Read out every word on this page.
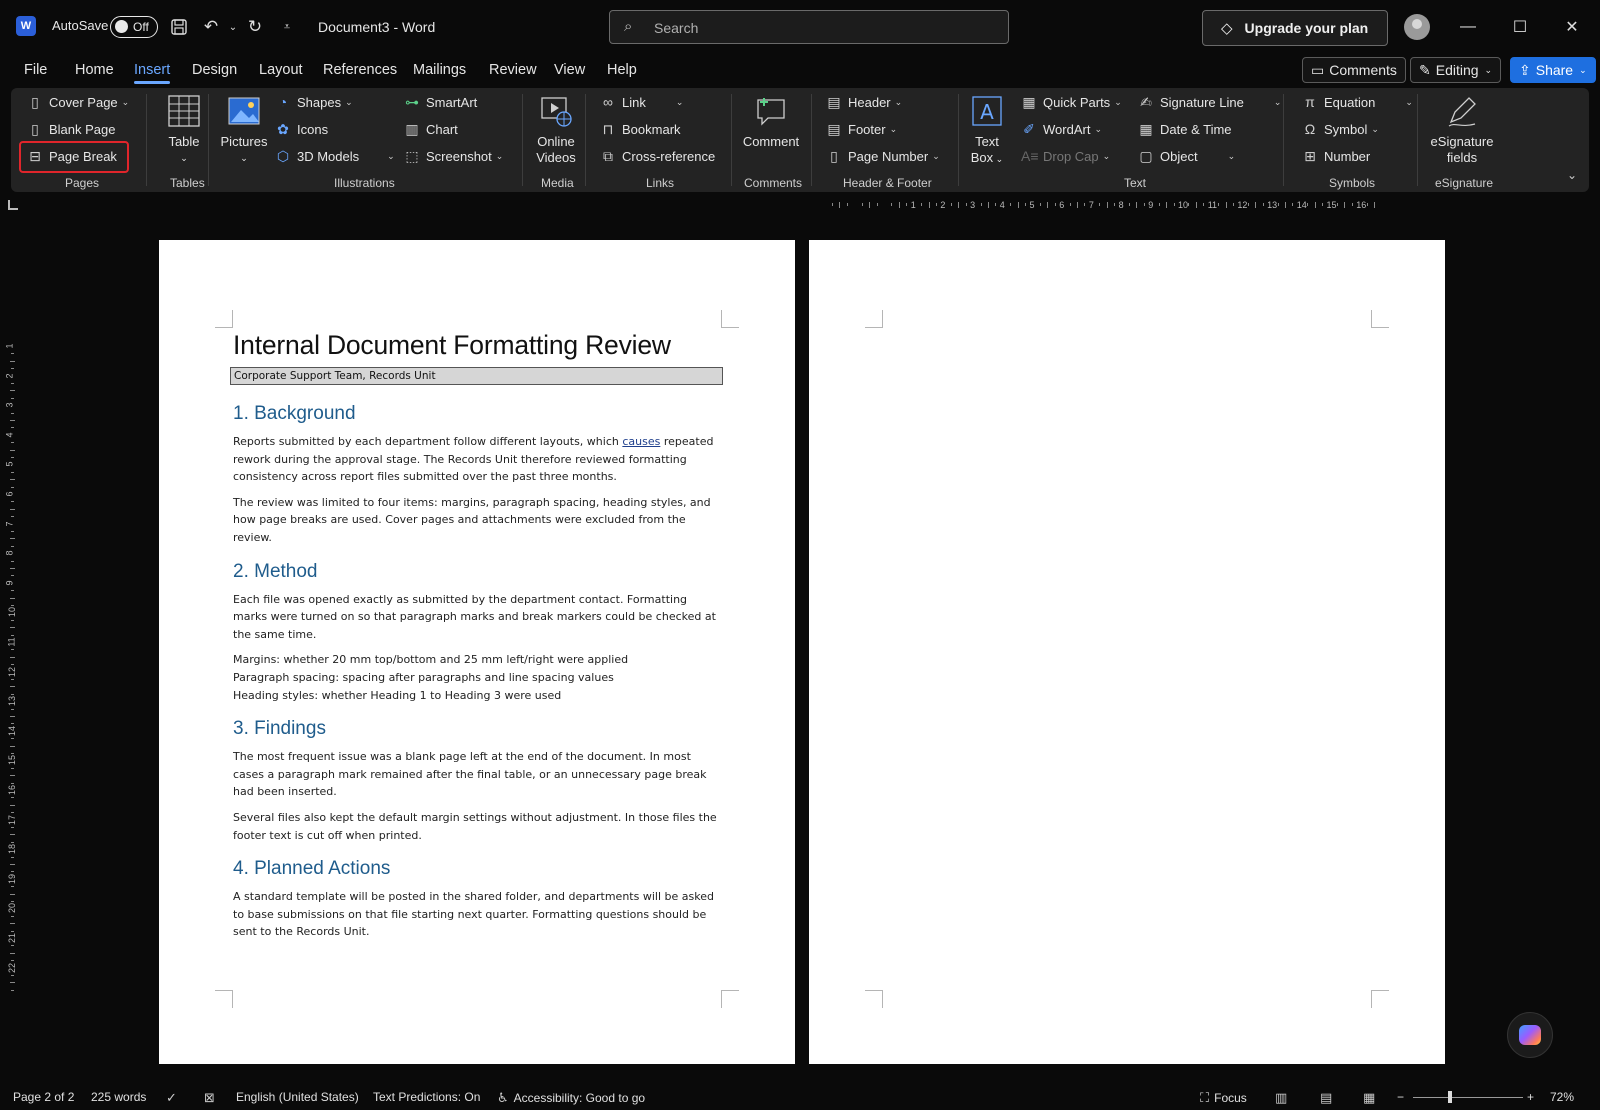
W	AutoSave Off	↶	⌄ ↻	⩡	Document3
-
Word	⌕ Search	◇ Upgrade your plan	—	☐	✕
File Home Insert Design Layout References Mailings Review View Help	▭ Comments ✎ Editing ⌄ ⇪ Share ⌄
▯ Cover Page ⌄
▯ Blank Page
⊟ Page Break
Pages
Table
⌄
Tables
Pictures
⌄
◔ Shapes ⌄
✿ Icons
⬡ 3D Models	⌄
⊶ SmartArt
▥ Chart
⬚ Screenshot ⌄
Illustrations
Online
Videos
Media
∞ Link	⌄
⊓ Bookmark
⧉ Cross-reference
Links
Comment
Comments
▤ Header ⌄
▤ Footer ⌄
▯ Page Number ⌄
Header & Footer
A
Text
Box ⌄
▦ Quick Parts ⌄
✐ WordArt ⌄
A≡ Drop Cap ⌄
✍ Signature Line	⌄
▦ Date & Time
▢ Object	⌄
Text
π Equation	⌄
Ω Symbol ⌄
⊞ Number
Symbols
eSignature
fields
eSignature
⌄
1	2	3	4	5	6	7	8	9	10 11 12 13 14 15 16
1
2
3
4
5
6
7
8
9
10
11
12
13
14
15
16
17
18
19
20
21
22
Internal Document Formatting Review
Corporate Support Team, Records Unit
1. Background
Reports submitted by each department follow different layouts, which causes repeated rework during the approval stage. The Records Unit therefore reviewed formatting consistency across report files submitted over the past three months.
The review was limited to four items: margins, paragraph spacing, heading styles, and how page breaks are used. Cover pages and attachments were excluded from the review.
2. Method
Each file was opened exactly as submitted by the department contact. Formatting marks were turned on so that paragraph marks and break markers could be checked at the same time.
Margins: whether 20 mm top/bottom and 25 mm left/right were applied
Paragraph spacing: spacing after paragraphs and line spacing values
Heading styles: whether Heading 1 to Heading 3 were used
3. Findings
The most frequent issue was a blank page left at the end of the document. In most cases a paragraph mark remained after the final table, or an unnecessary page break had been inserted.
Several files also kept the default margin settings without adjustment. In those files the footer text is cut off when printed.
4. Planned Actions
A standard template will be posted in the shared folder, and departments will be asked to base submissions on that file starting next quarter. Formatting questions should be sent to the Records Unit.
Page 2 of 2 225 words ✓ ⊠ English (United States) Text Predictions: On ♿ Accessibility: Good to go	⛶ Focus ▥	▤ ▦ −	+ 72%
